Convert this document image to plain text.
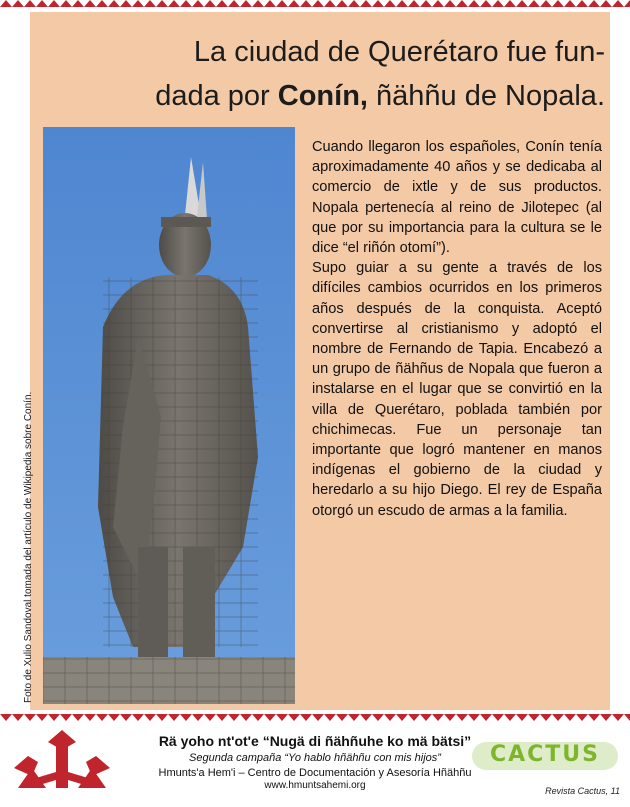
La ciudad de Querétaro fue fun-
dada por Conín, ñähñu de Nopala.
Foto de Xulio Sandoval tomada del artículo de Wikipedia sobre Conín.

Cuando llegaron los españoles, Conín tenía aproximadamente 40 años y se dedicaba al comercio de ixtle y de sus productos. Nopala pertenecía al reino de Jilotepec (al que por su importancia para la cultura se le dice “el riñón otomí”).

Supo guiar a su gente a través de los difíciles cambios ocurridos en los primeros años después de la conquista. Aceptó convertirse al cristianismo y adoptó el nombre de Fernando de Tapia. Encabezó a un grupo de ñähñus de Nopala que fueron a instalarse en el lugar que se convirtió en la villa de Querétaro, poblada también por chichimecas. Fue un personaje tan importante que logró mantener en manos indígenas el gobierno de la ciudad y heredarlo a su hijo Diego. El rey de España otorgó un escudo de armas a la familia.

Rä yoho nt'ot'e “Nugä di ñähñuhe ko mä bätsi”
Segunda campaña “Yo hablo hñähñu con mis hijos”
Hmunts'a Hem'i – Centro de Documentación y Asesoría Hñähñu
www.hmuntsahemi.org
CACTUS
Revista Cactus, 11
